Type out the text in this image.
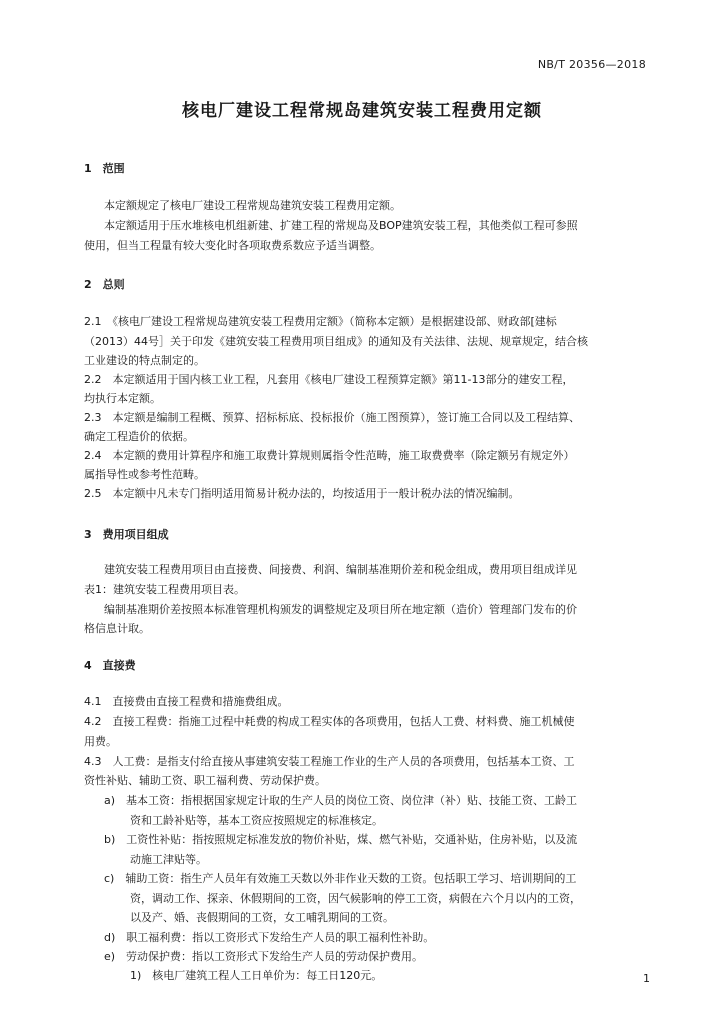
NB/T 20356—2018
核电厂建设工程常规岛建筑安装工程费用定额
1　范围
本定额规定了核电厂建设工程常规岛建筑安装工程费用定额。
本定额适用于压水堆核电机组新建、扩建工程的常规岛及BOP建筑安装工程，其他类似工程可参照
使用，但当工程量有较大变化时各项取费系数应予适当调整。
2　总则
2.1　《核电厂建设工程常规岛建筑安装工程费用定额》（简称本定额）是根据建设部、财政部[建标
（2013）44号］关于印发《建筑安装工程费用项目组成》的通知及有关法律、法规、规章规定，结合核
工业建设的特点制定的。
2.2　本定额适用于国内核工业工程，凡套用《核电厂建设工程预算定额》第11-13部分的建安工程，
均执行本定额。
2.3　本定额是编制工程概、预算、招标标底、投标报价（施工图预算），签订施工合同以及工程结算、
确定工程造价的依据。
2.4　本定额的费用计算程序和施工取费计算规则属指令性范畴，施工取费费率（除定额另有规定外）
属指导性或参考性范畴。
2.5　本定额中凡未专门指明适用简易计税办法的，均按适用于一般计税办法的情况编制。
3　费用项目组成
建筑安装工程费用项目由直接费、间接费、利润、编制基准期价差和税金组成，费用项目组成详见
表1：建筑安装工程费用项目表。
编制基准期价差按照本标准管理机构颁发的调整规定及项目所在地定额（造价）管理部门发布的价
格信息计取。
4　直接费
4.1　直接费由直接工程费和措施费组成。
4.2　直接工程费：指施工过程中耗费的构成工程实体的各项费用，包括人工费、材料费、施工机械使
用费。
4.3　人工费：是指支付给直接从事建筑安装工程施工作业的生产人员的各项费用，包括基本工资、工
资性补贴、辅助工资、职工福利费、劳动保护费。
a)　基本工资：指根据国家规定计取的生产人员的岗位工资、岗位津（补）贴、技能工资、工龄工
资和工龄补贴等，基本工资应按照规定的标准核定。
b)　工资性补贴：指按照规定标准发放的物价补贴，煤、燃气补贴，交通补贴，住房补贴，以及流
动施工津贴等。
c)　辅助工资：指生产人员年有效施工天数以外非作业天数的工资。包括职工学习、培训期间的工
资，调动工作、探亲、休假期间的工资，因气候影响的停工工资，病假在六个月以内的工资，
以及产、婚、丧假期间的工资，女工哺乳期间的工资。
d)　职工福利费：指以工资形式下发给生产人员的职工福利性补助。
e)　劳动保护费：指以工资形式下发给生产人员的劳动保护费用。
1)　核电厂建筑工程人工日单价为：每工日120元。	1
